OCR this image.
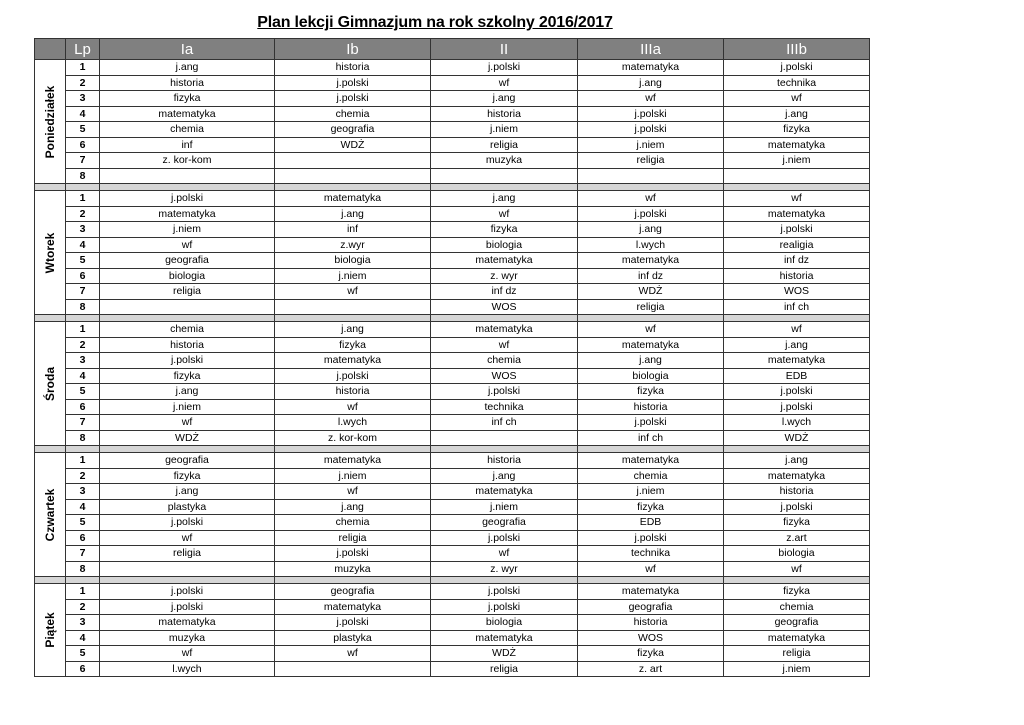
Plan lekcji Gimnazjum na rok szkolny 2016/2017
	Lp	Ia	Ib	II	IIIa	IIIb

Poniedziałek	1	j.ang	historia	j.polski	matematyka	j.polski
	2	historia	j.polski	wf	j.ang	technika
	3	fizyka	j.polski	j.ang	wf	wf
	4	matematyka	chemia	historia	j.polski	j.ang
	5	chemia	geografia	j.niem	j.polski	fizyka
	6	inf	WDŻ	religia	j.niem	matematyka
	7	z. kor-kom		muzyka	religia	j.niem
	8					

Wtorek	1	j.polski	matematyka	j.ang	wf	wf
	2	matematyka	j.ang	wf	j.polski	matematyka
	3	j.niem	inf	fizyka	j.ang	j.polski
	4	wf	z.wyr	biologia	l.wych	realigia
	5	geografia	biologia	matematyka	matematyka	inf dz
	6	biologia	j.niem	z. wyr	inf dz	historia
	7	religia	wf	inf dz	WDŻ	WOS
	8			WOS	religia	inf ch

Środa	1	chemia	j.ang	matematyka	wf	wf
	2	historia	fizyka	wf	matematyka	j.ang
	3	j.polski	matematyka	chemia	j.ang	matematyka
	4	fizyka	j.polski	WOS	biologia	EDB
	5	j.ang	historia	j.polski	fizyka	j.polski
	6	j.niem	wf	technika	historia	j.polski
	7	wf	l.wych	inf ch	j.polski	l.wych
	8	WDŻ	z. kor-kom		inf ch	WDŻ

Czwartek	1	geografia	matematyka	historia	matematyka	j.ang
	2	fizyka	j.niem	j.ang	chemia	matematyka
	3	j.ang	wf	matematyka	j.niem	historia
	4	plastyka	j.ang	j.niem	fizyka	j.polski
	5	j.polski	chemia	geografia	EDB	fizyka
	6	wf	religia	j.polski	j.polski	z.art
	7	religia	j.polski	wf	technika	biologia
	8		muzyka	z. wyr	wf	wf

Piątek	1	j.polski	geografia	j.polski	matematyka	fizyka
	2	j.polski	matematyka	j.polski	geografia	chemia
	3	matematyka	j.polski	biologia	historia	geografia
	4	muzyka	plastyka	matematyka	WOS	matematyka
	5	wf	wf	WDŻ	fizyka	religia
	6	l.wych		religia	z. art	j.niem
